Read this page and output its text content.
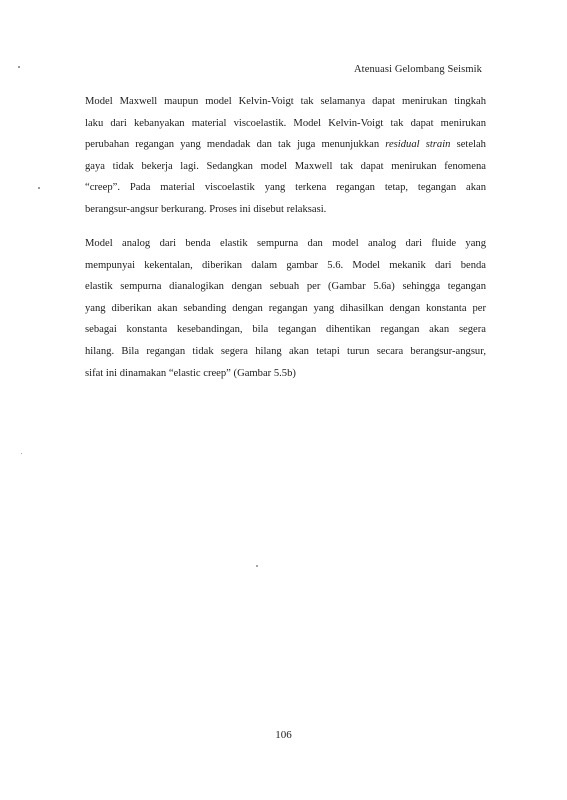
Atenuasi Gelombang Seismik
Model Maxwell maupun model Kelvin-Voigt tak selamanya dapat menirukan tingkah
laku dari kebanyakan material viscoelastik. Model Kelvin-Voigt tak dapat menirukan
perubahan regangan yang mendadak dan tak juga menunjukkan residual strain setelah
gaya tidak bekerja lagi. Sedangkan model Maxwell tak dapat menirukan fenomena
“creep”. Pada material viscoelastik yang terkena regangan tetap, tegangan akan
berangsur-angsur berkurang. Proses ini disebut relaksasi.
Model analog dari benda elastik sempurna dan model analog dari fluide yang
mempunyai kekentalan, diberikan dalam gambar 5.6. Model mekanik dari benda
elastik sempurna dianalogikan dengan sebuah per (Gambar 5.6a) sehingga tegangan
yang diberikan akan sebanding dengan regangan yang dihasilkan dengan konstanta per
sebagai konstanta kesebandingan, bila tegangan dihentikan regangan akan segera
hilang. Bila regangan tidak segera hilang akan tetapi turun secara berangsur-angsur,
sifat ini dinamakan “elastic creep” (Gambar 5.5b)
106
